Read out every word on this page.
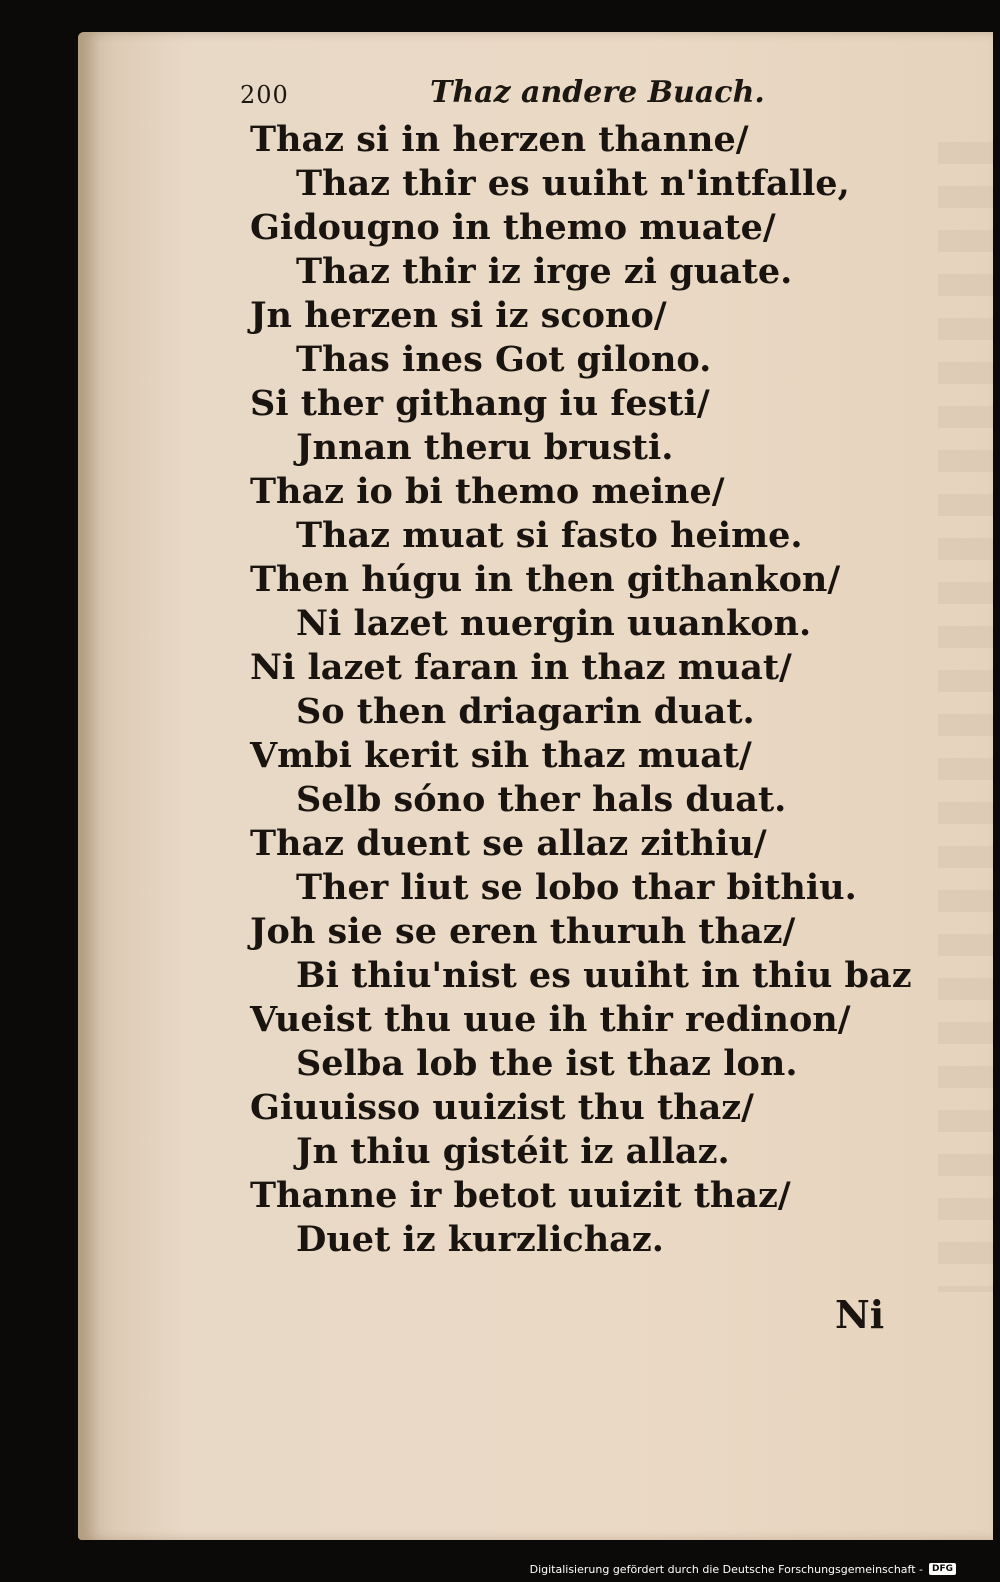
200	Thaz andere Buach.
Thaz si in herzen thanne/
Thaz thir es uuiht n'intfalle,
Gidougno in themo muate/
Thaz thir iz irge zi guate.
Jn herzen si iz scono/
Thas ines Got gilono.
Si ther githang iu festi/
Jnnan theru brusti.
Thaz io bi themo meine/
Thaz muat si fasto heime.
Then húgu in then githankon/
Ni lazet nuergin uuankon.
Ni lazet faran in thaz muat/
So then driagarin duat.
Vmbi kerit sih thaz muat/
Selb sóno ther hals duat.
Thaz duent se allaz zithiu/
Ther liut se lobo thar bithiu.
Joh sie se eren thuruh thaz/
Bi thiu'nist es uuiht in thiu baz
Vueist thu uue ih thir redinon/
Selba lob the ist thaz lon.
Giuuisso uuizist thu thaz/
Jn thiu gistéit iz allaz.
Thanne ir betot uuizit thaz/
Duet iz kurzlichaz.
Ni
Digitalisierung gefördert durch die Deutsche Forschungsgemeinschaft -	DFG
